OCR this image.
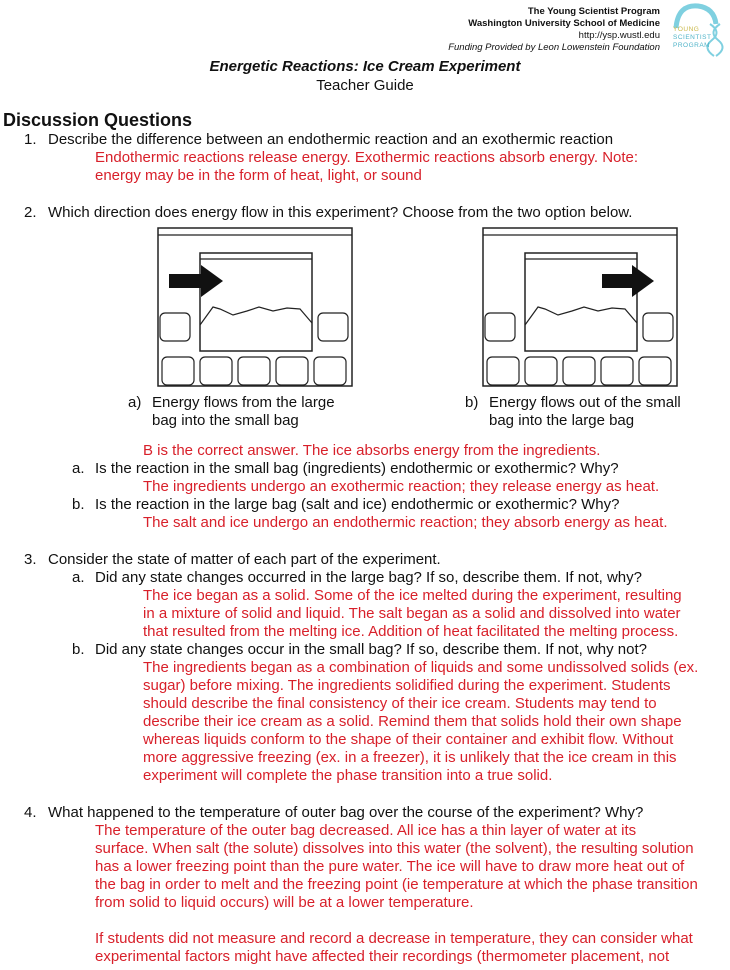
The Young Scientist Program
Washington University School of Medicine
http://ysp.wustl.edu
Funding Provided by Leon Lowenstein Foundation
YOUNG
SCIENTIST
PROGRAM
Energetic Reactions: Ice Cream Experiment
Teacher Guide
Discussion Questions
1. Describe the difference between an endothermic reaction and an exothermic reaction
Endothermic reactions release energy. Exothermic reactions absorb energy. Note:
energy may be in the form of heat, light, or sound
2. Which direction does energy flow in this experiment? Choose from the two option below.
a) Energy flows from the large
bag into the small bag
b) Energy flows out of the small
bag into the large bag
B is the correct answer. The ice absorbs energy from the ingredients.
a. Is the reaction in the small bag (ingredients) endothermic or exothermic? Why?
The ingredients undergo an exothermic reaction; they release energy as heat.
b. Is the reaction in the large bag (salt and ice) endothermic or exothermic? Why?
The salt and ice undergo an endothermic reaction; they absorb energy as heat.
3. Consider the state of matter of each part of the experiment.
a. Did any state changes occurred in the large bag? If so, describe them. If not, why?
The ice began as a solid. Some of the ice melted during the experiment, resulting
in a mixture of solid and liquid. The salt began as a solid and dissolved into water
that resulted from the melting ice. Addition of heat facilitated the melting process.
b. Did any state changes occur in the small bag? If so, describe them. If not, why not?
The ingredients began as a combination of liquids and some undissolved solids (ex.
sugar) before mixing. The ingredients solidified during the experiment. Students
should describe the final consistency of their ice cream. Students may tend to
describe their ice cream as a solid. Remind them that solids hold their own shape
whereas liquids conform to the shape of their container and exhibit flow. Without
more aggressive freezing (ex. in a freezer), it is unlikely that the ice cream in this
experiment will complete the phase transition into a true solid.
4. What happened to the temperature of outer bag over the course of the experiment? Why?
The temperature of the outer bag decreased. All ice has a thin layer of water at its
surface. When salt (the solute) dissolves into this water (the solvent), the resulting solution
has a lower freezing point than the pure water. The ice will have to draw more heat out of
the bag in order to melt and the freezing point (ie temperature at which the phase transition
from solid to liquid occurs) will be at a lower temperature.
If students did not measure and record a decrease in temperature, they can consider what
experimental factors might have affected their recordings (thermometer placement, not
